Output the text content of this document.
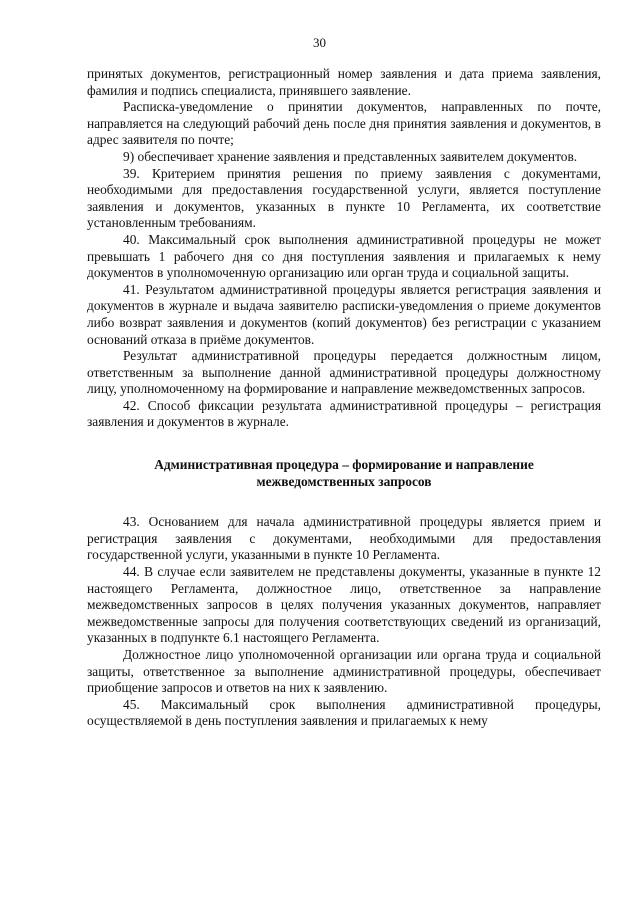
30

принятых документов, регистрационный номер заявления и дата приема заявления, фамилия и подпись специалиста, принявшего заявление.

Расписка-уведомление о принятии документов, направленных по почте, направляется на следующий рабочий день после дня принятия заявления и документов, в адрес заявителя по почте;

9) обеспечивает хранение заявления и представленных заявителем документов.

39. Критерием принятия решения по приему заявления с документами, необходимыми для предоставления государственной услуги, является поступление заявления и документов, указанных в пункте 10 Регламента, их соответствие установленным требованиям.

40. Максимальный срок выполнения административной процедуры не может превышать 1 рабочего дня со дня поступления заявления и прилагаемых к нему документов в уполномоченную организацию или орган труда и социальной защиты.

41. Результатом административной процедуры является регистрация заявления и документов в журнале и выдача заявителю расписки-уведомления о приеме документов либо возврат заявления и документов (копий документов) без регистрации с указанием оснований отказа в приёме документов.

Результат административной процедуры передается должностным лицом, ответственным за выполнение данной административной процедуры должностному лицу, уполномоченному на формирование и направление межведомственных запросов.

42. Способ фиксации результата административной процедуры – регистрация заявления и документов в журнале.

Административная процедура – формирование и направление
межведомственных запросов

43. Основанием для начала административной процедуры является прием и регистрация заявления с документами, необходимыми для предоставления государственной услуги, указанными в пункте 10 Регламента.

44. В случае если заявителем не представлены документы, указанные в пункте 12 настоящего Регламента, должностное лицо, ответственное за направление межведомственных запросов в целях получения указанных документов, направляет межведомственные запросы для получения соответствующих сведений из организаций, указанных в подпункте 6.1 настоящего Регламента.

Должностное лицо уполномоченной организации или органа труда и социальной защиты, ответственное за выполнение административной процедуры, обеспечивает приобщение запросов и ответов на них к заявлению.

45. Максимальный срок выполнения административной процедуры, осуществляемой в день поступления заявления и прилагаемых к нему
